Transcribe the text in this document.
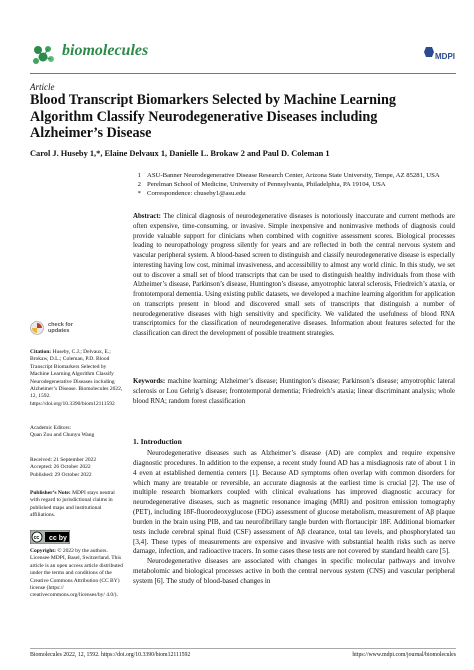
biomolecules	MDPI
Article
Blood Transcript Biomarkers Selected by Machine Learning Algorithm Classify Neurodegenerative Diseases including Alzheimer’s Disease
Carol J. Huseby 1,*, Elaine Delvaux 1, Danielle L. Brokaw 2 and Paul D. Coleman 1
1 ASU-Banner Neurodegenerative Disease Research Center, Arizona State University, Tempe, AZ 85281, USA
2 Perelman School of Medicine, University of Pennsylvania, Philadelphia, PA 19104, USA
* Correspondence: chuseby1@asu.edu
Abstract: The clinical diagnosis of neurodegenerative diseases is notoriously inaccurate and current methods are often expensive, time-consuming, or invasive. Simple inexpensive and noninvasive methods of diagnosis could provide valuable support for clinicians when combined with cognitive assessment scores. Biological processes leading to neuropathology progress silently for years and are reflected in both the central nervous system and vascular peripheral system. A blood-based screen to distinguish and classify neurodegenerative disease is especially interesting having low cost, minimal invasiveness, and accessibility to almost any world clinic. In this study, we set out to discover a small set of blood transcripts that can be used to distinguish healthy individuals from those with Alzheimer’s disease, Parkinson’s disease, Huntington’s disease, amyotrophic lateral sclerosis, Friedreich’s ataxia, or frontotemporal dementia. Using existing public datasets, we developed a machine learning algorithm for application on transcripts present in blood and discovered small sets of transcripts that distinguish a number of neurodegenerative diseases with high sensitivity and specificity. We validated the usefulness of blood RNA transcriptomics for the classification of neurodegenerative diseases. Information about features selected for the classification can direct the development of possible treatment strategies.
Keywords: machine learning; Alzheimer’s disease; Huntington’s disease; Parkinson’s disease; amyotrophic lateral sclerosis or Lou Gehrig’s disease; frontotemporal dementia; Friedreich’s ataxia; linear discriminant analysis; whole blood RNA; random forest classification
check for
updates
Citation: Huseby, C.J.; Delvaux, E.; Brokaw, D.L.; Coleman, P.D. Blood Transcript Biomarkers Selected by Machine Learning Algorithm Classify Neurodegenerative Diseases including Alzheimer’s Disease. Biomolecules 2022, 12, 1592. https://doi.org/10.3390/biom12111592
Academic Editors:
Quan Zou and Chunyu Wang
Received: 21 September 2022
Accepted: 26 October 2022
Published: 29 October 2022
Publisher’s Note: MDPI stays neutral with regard to jurisdictional claims in published maps and institutional affiliations.
cc cc by
Copyright: © 2022 by the authors. Licensee MDPI, Basel, Switzerland. This article is an open access article distributed under the terms and conditions of the Creative Commons Attribution (CC BY) license (https:// creativecommons.org/licenses/by/ 4.0/).
1. Introduction

Neurodegenerative diseases such as Alzheimer’s disease (AD) are complex and require expensive diagnostic procedures. In addition to the expense, a recent study found AD has a misdiagnosis rate of about 1 in 4 even at established dementia centers [1]. Because AD symptoms often overlap with common disorders for which many are treatable or reversible, an accurate diagnosis at the earliest time is crucial [2]. The use of multiple research biomarkers coupled with clinical evaluations has improved diagnostic accuracy for neurodegenerative diseases, such as magnetic resonance imaging (MRI) and positron emission tomography (PET), including 18F-fluorodeoxyglucose (FDG) assessment of glucose metabolism, measurement of Aβ plaque burden in the brain using PIB, and tau neurofibrillary tangle burden with flortaucipir 18F. Additional biomarker tests include cerebral spinal fluid (CSF) assessment of Aβ clearance, total tau levels, and phosphorylated tau [3,4]. These types of measurements are expensive and invasive with substantial health risks such as nerve damage, infection, and radioactive tracers. In some cases these tests are not covered by standard health care [5].

Neurodegenerative diseases are associated with changes in specific molecular pathways and involve metabolomic and biological processes active in both the central nervous system (CNS) and vascular peripheral system [6]. The study of blood-based changes in

Biomolecules 2022, 12, 1592. https://doi.org/10.3390/biom12111592	https://www.mdpi.com/journal/biomolecules
